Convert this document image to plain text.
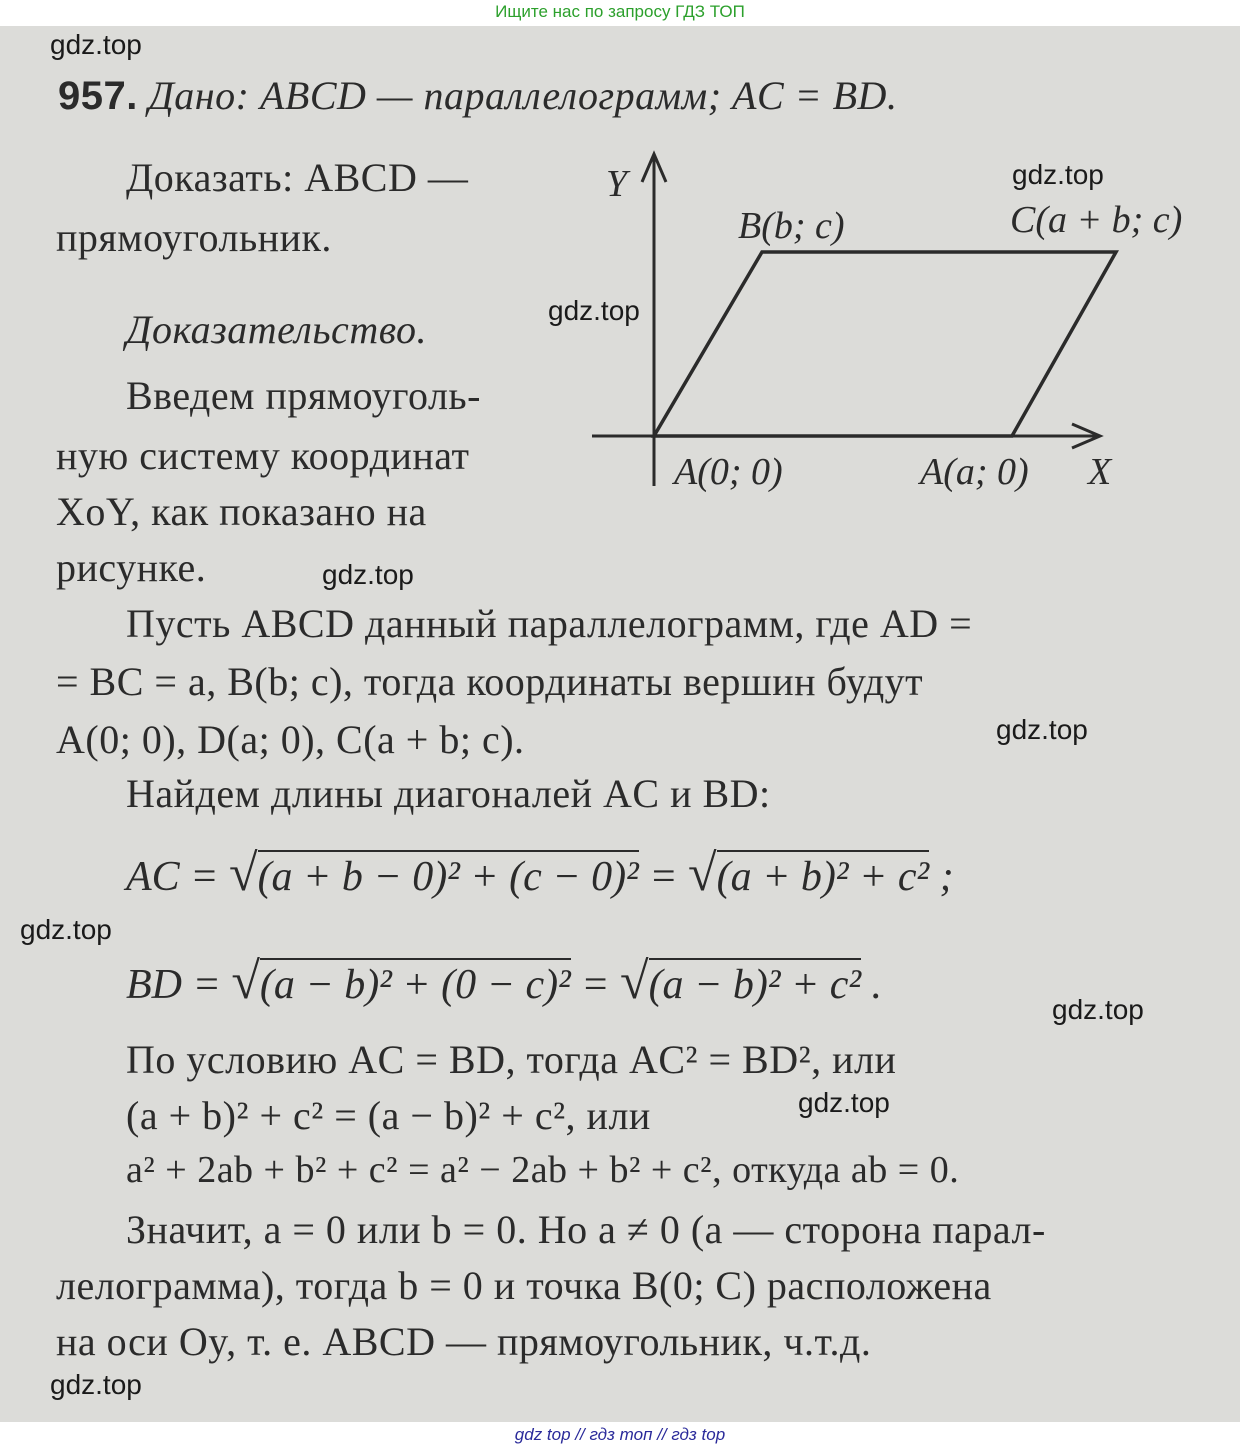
Ищите нас по запросу ГДЗ ТОП
gdz.top
gdz.top
gdz.top
gdz.top
gdz.top
gdz.top
gdz.top
gdz.top
gdz.top
957. Дано: ABCD — параллелограмм; AC = BD.
Доказать: ABCD —
прямоугольник.
Доказательство.
Введем прямоуголь-
ную систему координат
XoY, как показано на
рисунке.
Y
X
B(b; c)	C(a + b; c)
A(0; 0)	A(a; 0)
Пусть ABCD данный параллелограмм, где AD =
= BC = a, B(b; c), тогда координаты вершин будут
A(0; 0), D(a; 0), C(a + b; c).
Найдем длины диагоналей AC и BD:
AC = √(a + b − 0)² + (c − 0)² = √(a + b)² + c² ;
BD = √(a − b)² + (0 − c)² = √(a − b)² + c² .
По условию AC = BD, тогда AC² = BD², или
(a + b)² + c² = (a − b)² + c², или
a² + 2ab + b² + c² = a² − 2ab + b² + c², откуда ab = 0.
Значит, a = 0 или b = 0. Но a ≠ 0 (a — сторона парал-
лелограмма), тогда b = 0 и точка B(0; C) расположена
на оси Oy, т. е. ABCD — прямоугольник, ч.т.д.
gdz top // гдз топ // гдз top
